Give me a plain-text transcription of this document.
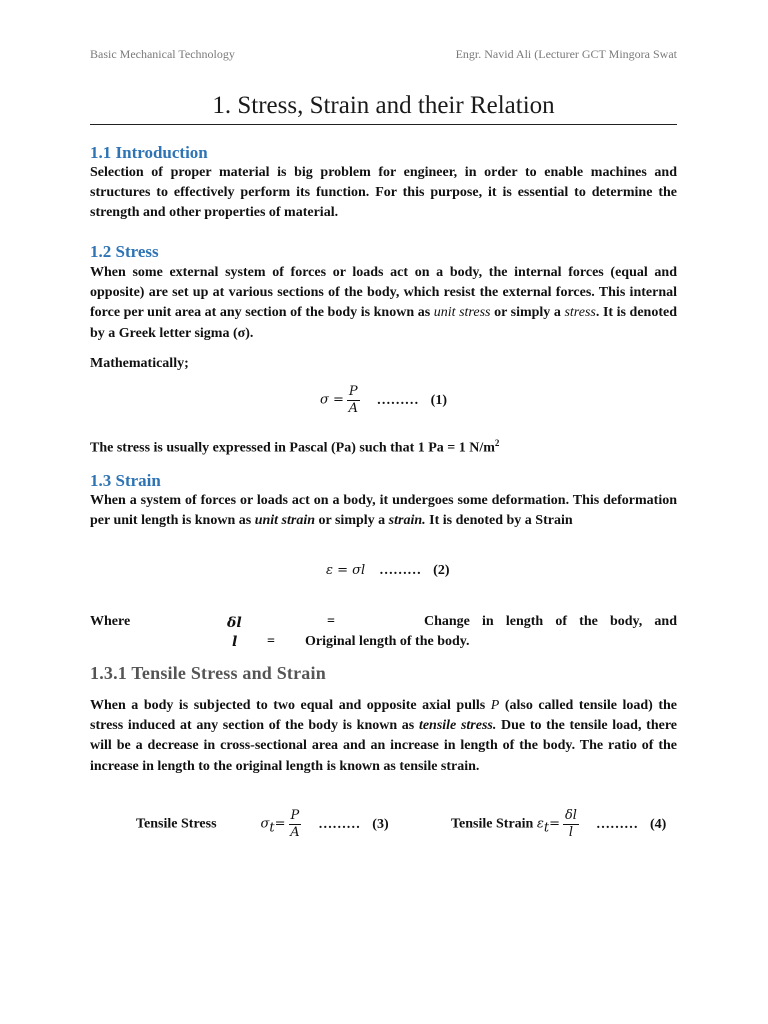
Basic Mechanical Technology	Engr. Navid Ali (Lecturer GCT Mingora Swat
1. Stress, Strain and their Relation
1.1 Introduction
Selection of proper material is big problem for engineer, in order to enable machines and structures to effectively perform its function. For this purpose, it is essential to determine the strength and other properties of material.
1.2 Stress
When some external system of forces or loads act on a body, the internal forces (equal and opposite) are set up at various sections of the body, which resist the external forces. This internal force per unit area at any section of the body is known as unit stress or simply a stress. It is denoted by a Greek letter sigma (σ).
Mathematically;
$\sigma = \frac{P}{A}$ ……… (1)
The stress is usually expressed in Pascal (Pa) such that 1 Pa = 1 $N/m^2$
1.3 Strain
When a system of forces or loads act on a body, it undergoes some deformation. This deformation per unit length is known as unit strain or simply a strain. It is denoted by a Strain
ε = σl ……… (2)
Where	δl	=	Change in length of the body, and
l = Original length of the body.
1.3.1 Tensile Stress and Strain
When a body is subjected to two equal and opposite axial pulls P (also called tensile load) the stress induced at any section of the body is known as tensile stress. Due to the tensile load, there will be a decrease in cross-sectional area and an increase in length of the body. The ratio of the increase in length to the original length is known as tensile strain.
Tensile Stress	$\sigma_t= \frac{P}{A}$ ……… (3)	Tensile Strain $\varepsilon_t= \frac{\delta l}{l}$ ……… (4)
